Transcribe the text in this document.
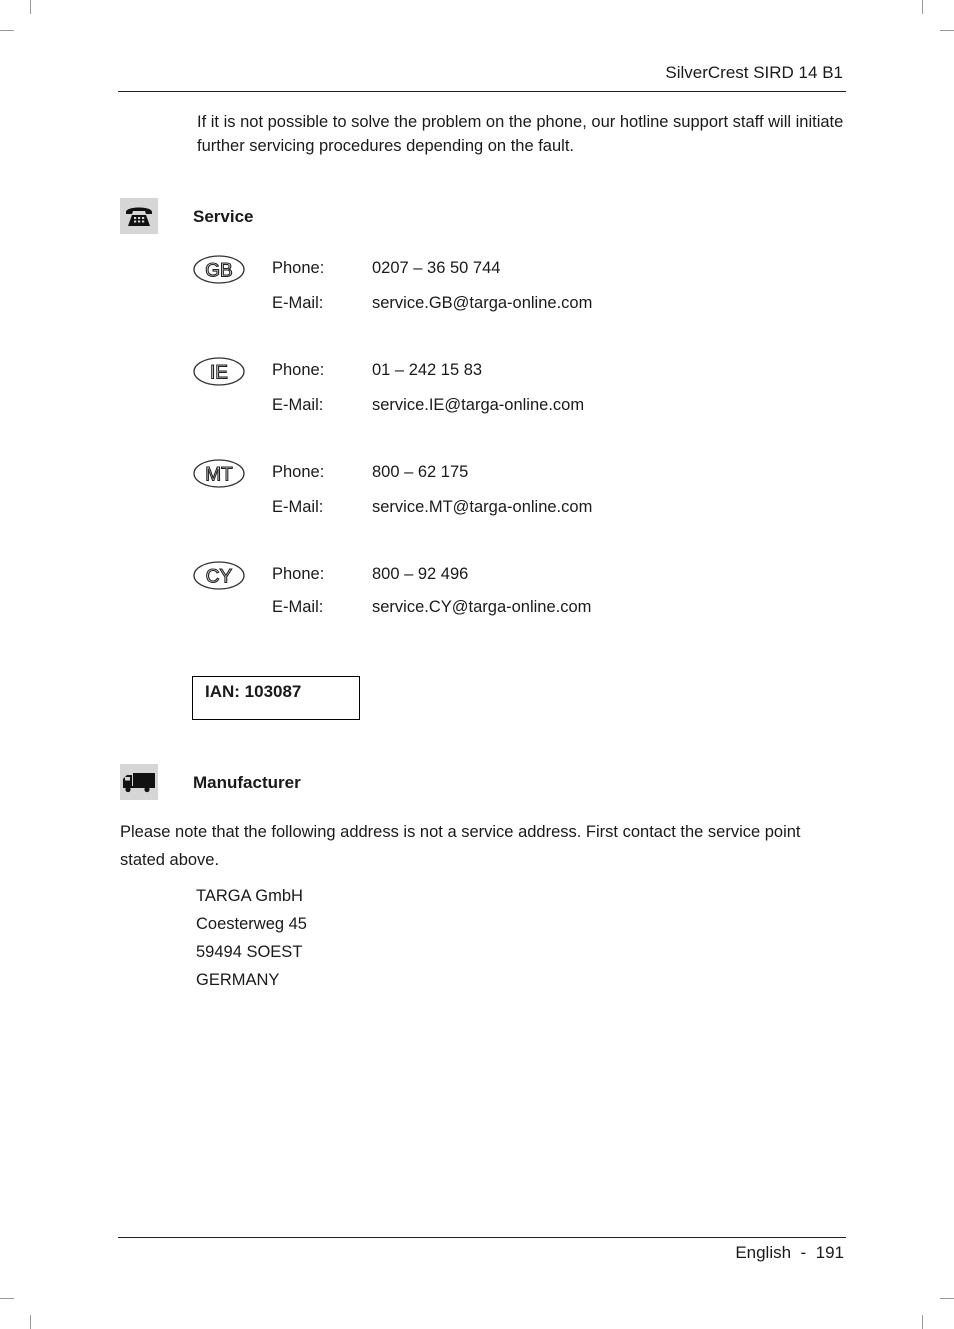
SilverCrest SIRD 14 B1
If it is not possible to solve the problem on the phone, our hotline support staff will initiate further servicing procedures depending on the fault.
Service
GB Phone:	0207 – 36 50 744
E-Mail:	service.GB@targa-online.com
IE	Phone:	01 – 242 15 83
E-Mail:	service.IE@targa-online.com
MT Phone:	800 – 62 175
E-Mail:	service.MT@targa-online.com
CY Phone:	800 – 92 496
E-Mail:	service.CY@targa-online.com
IAN: 103087
Manufacturer
Please note that the following address is not a service address. First contact the service point stated above.
TARGA GmbH
Coesterweg 45
59494 SOEST
GERMANY
English  -  191
